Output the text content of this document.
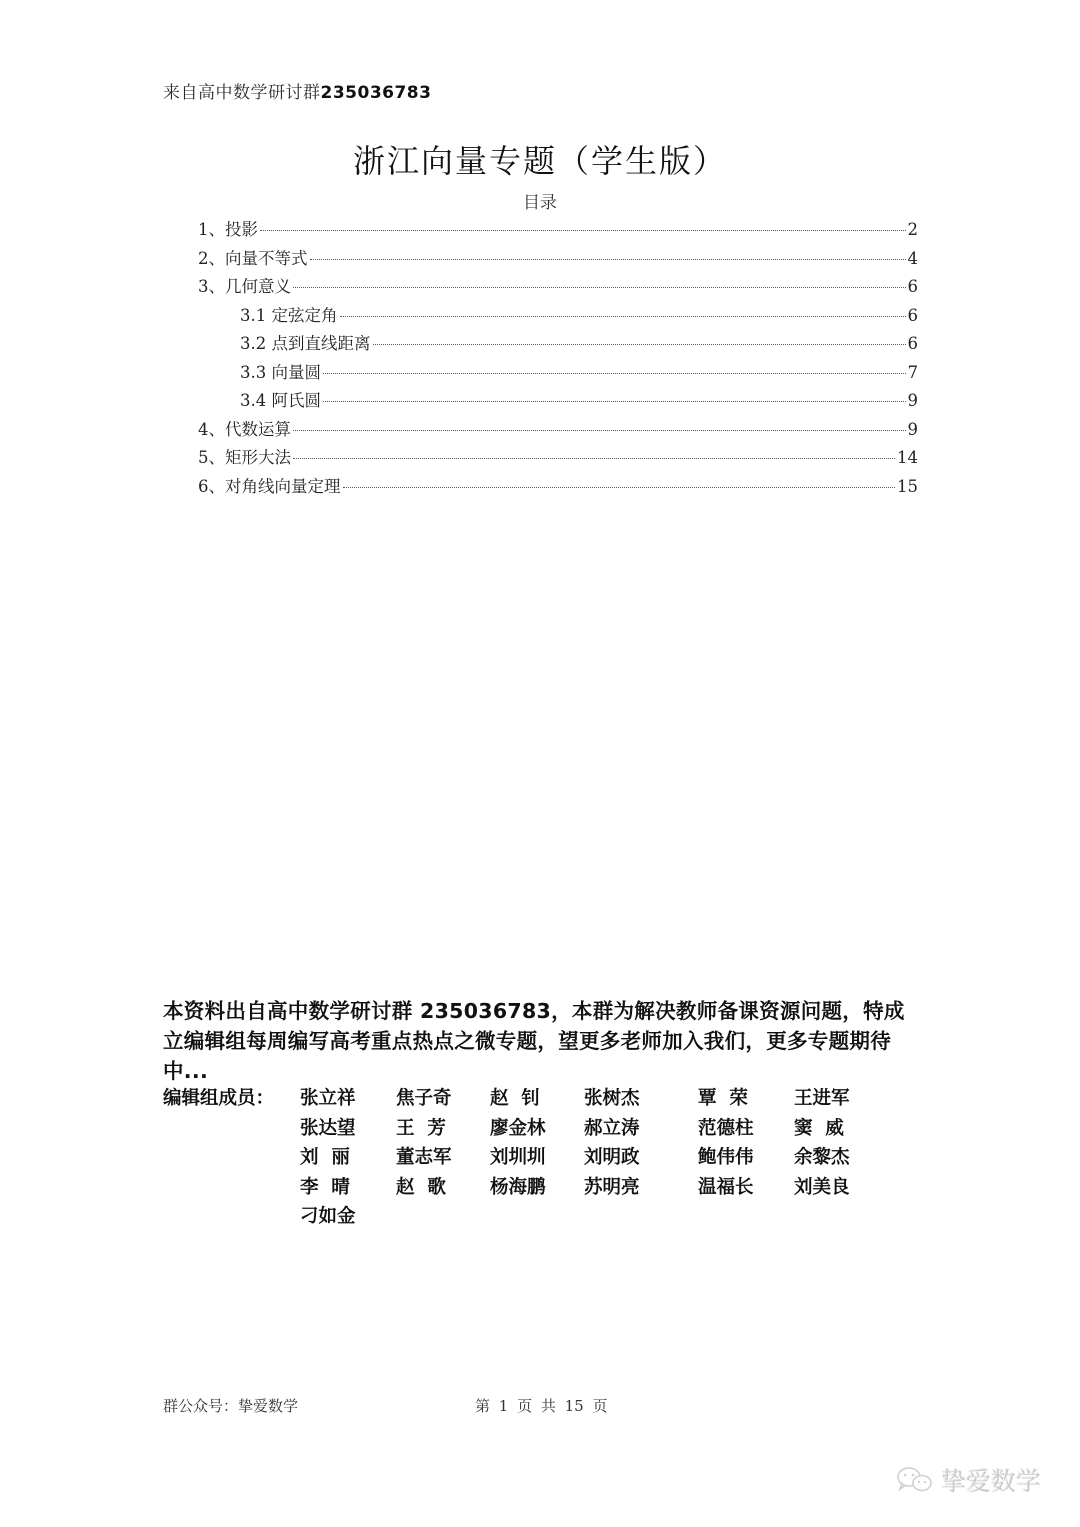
来自高中数学研讨群235036783
浙江向量专题（学生版）
目录
1、投影	2
2、向量不等式	4
3、几何意义	6
3.1 定弦定角	6
3.2 点到直线距离	6
3.3 向量圆	7
3.4 阿氏圆	9
4、代数运算	9
5、矩形大法	14
6、对角线向量定理	15
本资料出自高中数学研讨群 235036783，本群为解决教师备课资源问题，特成立编辑组每周编写高考重点热点之微专题，望更多老师加入我们，更多专题期待中...
编辑组成员： 张立祥 焦子奇 赵  钊 张树杰	覃  荣 王进军
张达望 王  芳 廖金林 郝立涛	范德柱 窦  威
刘  丽 董志军 刘圳圳 刘明政	鲍伟伟 余黎杰
李  晴 赵  歌 杨海鹏 苏明亮	温福长 刘美良
刁如金
群公众号：挚爱数学	第 1 页 共 15 页
挚爱数学
